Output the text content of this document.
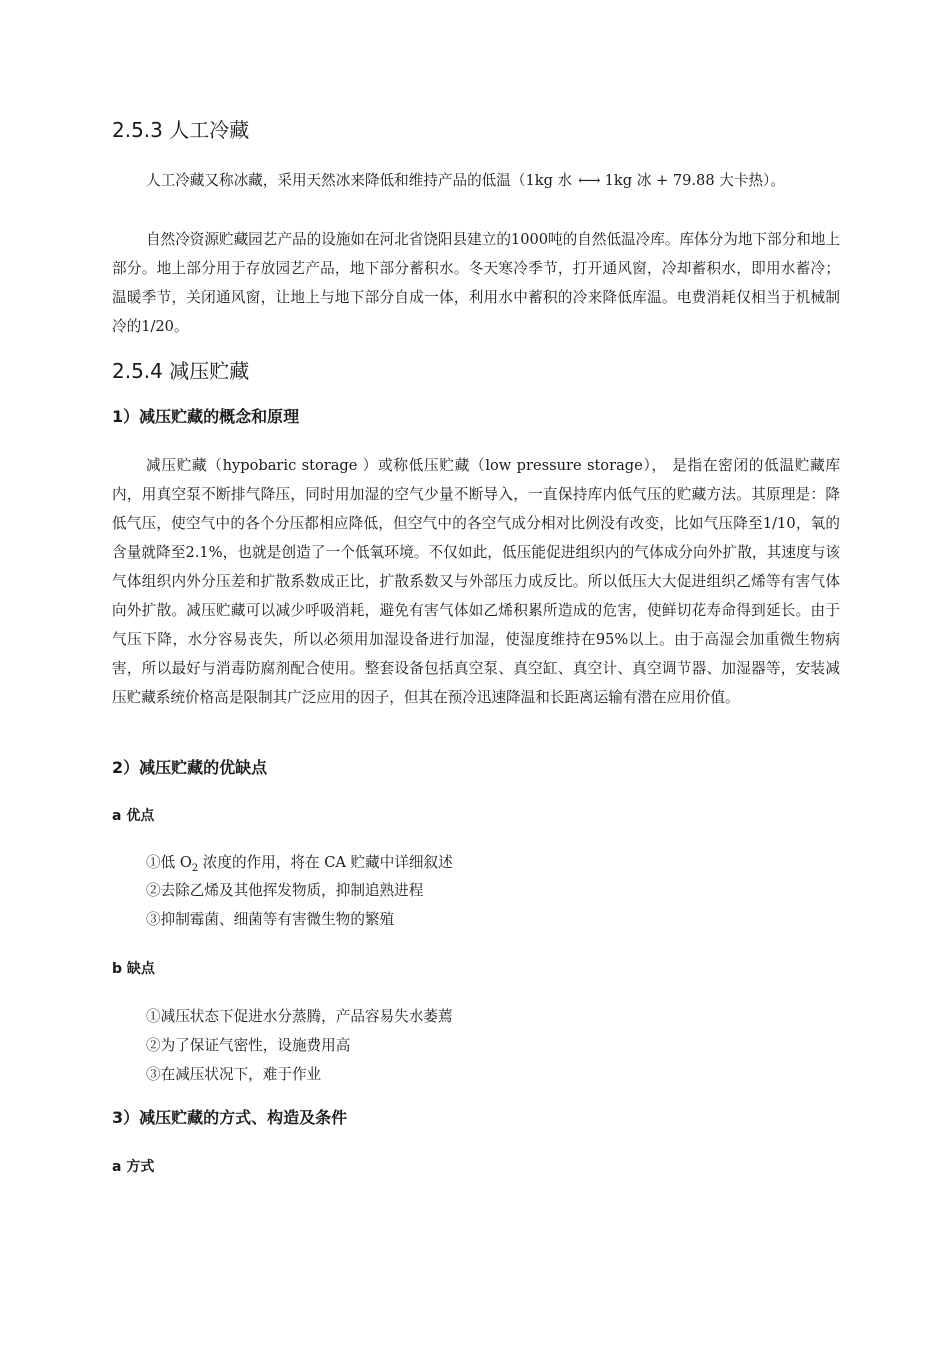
2.5.3 人工冷藏

人工冷藏又称冰藏，采用天然冰来降低和维持产品的低温（1kg 水 ←→ 1kg 冰 + 79.88 大卡热）。

自然冷资源贮藏园艺产品的设施如在河北省饶阳县建立的1000吨的自然低温冷库。库体分为地下部分和地上部分。地上部分用于存放园艺产品，地下部分蓄积水。冬天寒冷季节，打开通风窗，冷却蓄积水，即用水蓄冷；温暖季节，关闭通风窗，让地上与地下部分自成一体，利用水中蓄积的冷来降低库温。电费消耗仅相当于机械制冷的1/20。

2.5.4 减压贮藏
1）减压贮藏的概念和原理

减压贮藏（hypobaric storage ）或称低压贮藏（low pressure storage）， 是指在密闭的低温贮藏库内，用真空泵不断排气降压，同时用加湿的空气少量不断导入，一直保持库内低气压的贮藏方法。其原理是：降低气压，使空气中的各个分压都相应降低，但空气中的各空气成分相对比例没有改变，比如气压降至1/10，氧的含量就降至2.1%，也就是创造了一个低氧环境。不仅如此，低压能促进组织内的气体成分向外扩散，其速度与该气体组织内外分压差和扩散系数成正比，扩散系数又与外部压力成反比。所以低压大大促进组织乙烯等有害气体向外扩散。减压贮藏可以减少呼吸消耗，避免有害气体如乙烯积累所造成的危害，使鲜切花寿命得到延长。由于气压下降，水分容易丧失，所以必须用加湿设备进行加湿，使湿度维持在95%以上。由于高湿会加重微生物病害，所以最好与消毒防腐剂配合使用。整套设备包括真空泵、真空缸、真空计、真空调节器、加湿器等，安装减压贮藏系统价格高是限制其广泛应用的因子，但其在预冷迅速降温和长距离运输有潜在应用价值。

2）减压贮藏的优缺点
a 优点

①低 $O_2$ 浓度的作用，将在 CA 贮藏中详细叙述

②去除乙烯及其他挥发物质，抑制追熟进程

③抑制霉菌、细菌等有害微生物的繁殖

b 缺点

①减压状态下促进水分蒸腾，产品容易失水萎蔫

②为了保证气密性，设施费用高

③在减压状况下，难于作业

3）减压贮藏的方式、构造及条件
a 方式
